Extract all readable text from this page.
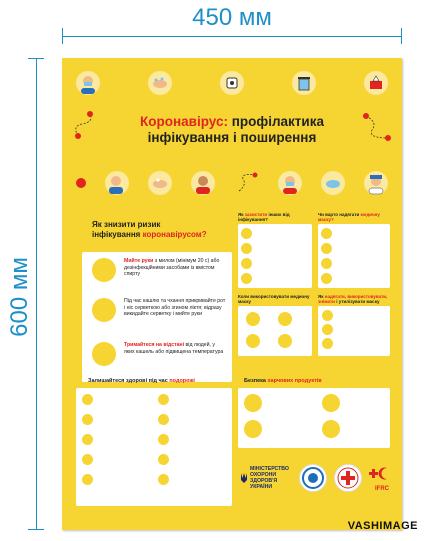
450 мм
600 мм
Коронавірус: профілактика
інфікування і поширення
Як знизити ризик
інфікування коронавірусом?
Мийте руки з милом (мінімум 20 с) або дезінфекційними засобами із вмістом спирту
Під час кашлю та чхання прикривайте рот і ніс серветкою або згином ліктя; відразу викидайте серветку і мийте руки
Тримайтеся на відстані від людей, у яких кашель або підвищена температура
Як захистити інших від інфікування?
Чи варто надягати медичну маску?
Коли використовувати медичну маску
Як надягати, використовувати, знімати і утилізувати маску
Залишайтеся здорові під час подорожі	Безпека харчових продуктів
МІНІСТЕРСТВО
ОХОРОНИ
ЗДОРОВ'Я
УКРАЇНИ	IFRC
VASHIMAGE
